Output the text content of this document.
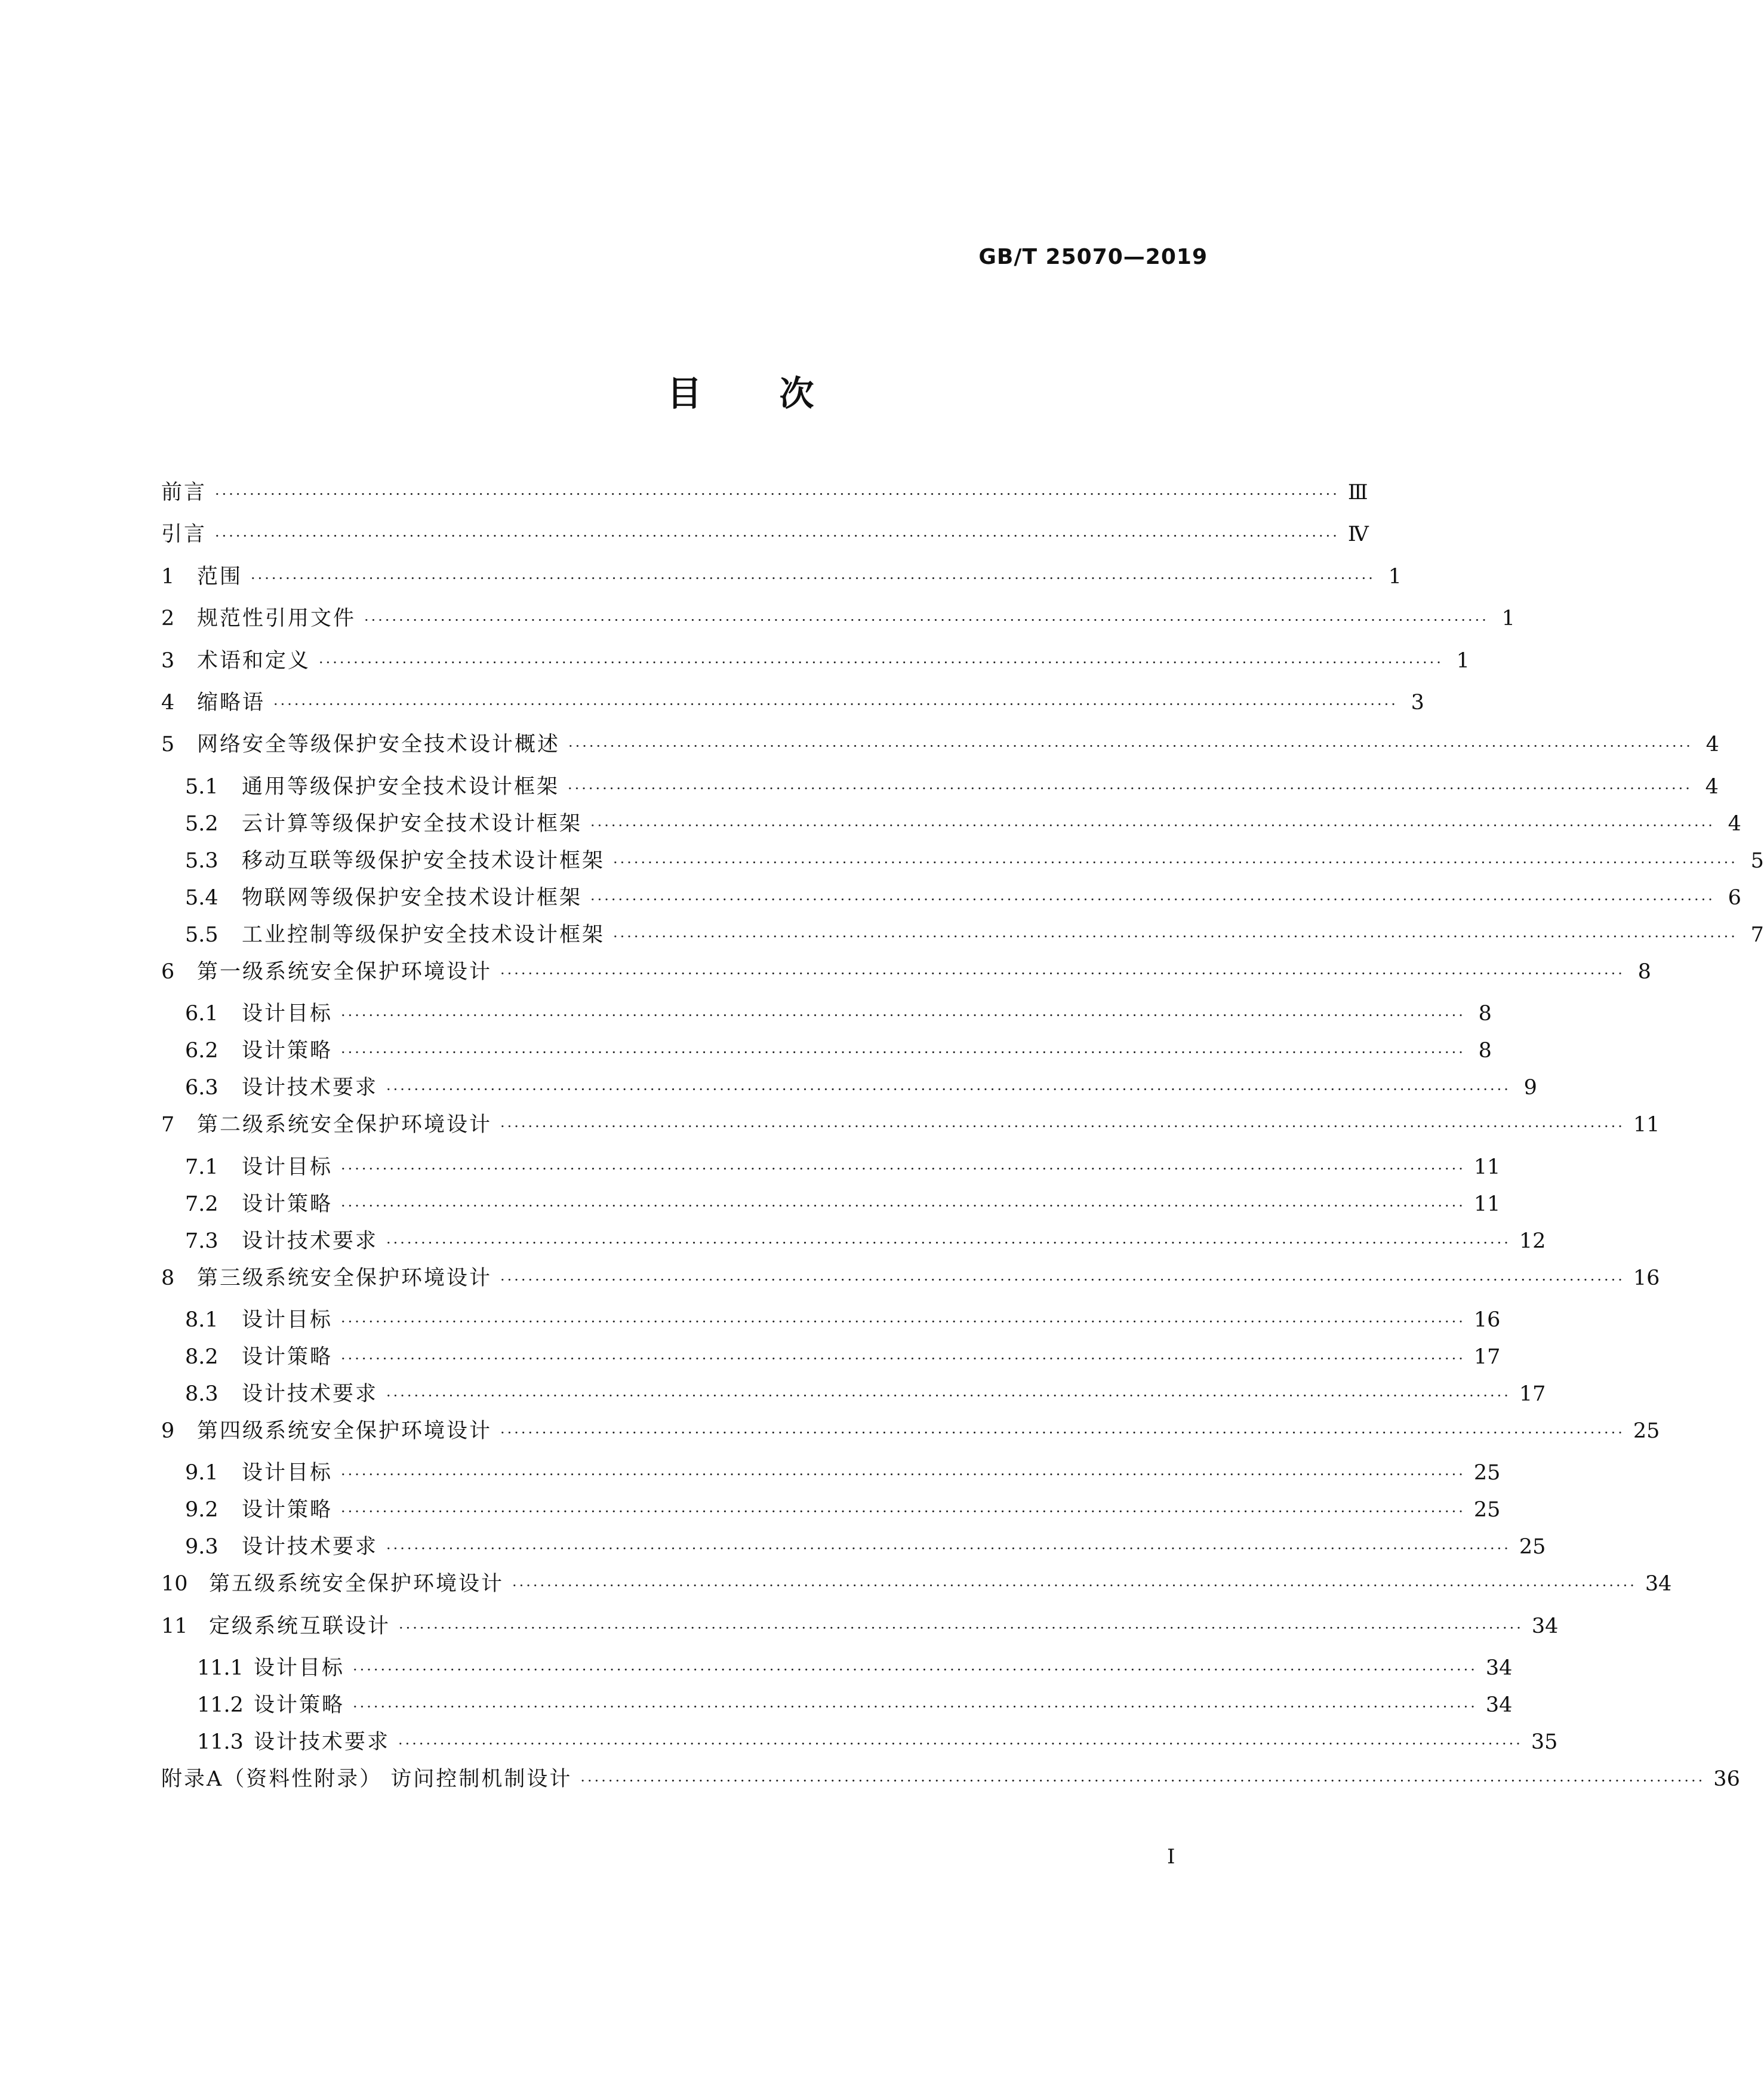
GB/T 25070—2019
目次
前言 ·································································································································································· Ⅲ
引言 ·································································································································································· Ⅳ
1	范围 ·································································································································································· 1
2	规范性引用文件 ·································································································································································· 1
3	术语和定义 ·································································································································································· 1
4	缩略语 ·································································································································································· 3
5	网络安全等级保护安全技术设计概述 ·································································································································································· 4
5.1	通用等级保护安全技术设计框架 ·································································································································································· 4
5.2	云计算等级保护安全技术设计框架 ·································································································································································· 4
5.3	移动互联等级保护安全技术设计框架 ·································································································································································· 5
5.4	物联网等级保护安全技术设计框架 ·································································································································································· 6
5.5	工业控制等级保护安全技术设计框架 ·································································································································································· 7
6	第一级系统安全保护环境设计 ·································································································································································· 8
6.1	设计目标 ·································································································································································· 8
6.2	设计策略 ·································································································································································· 8
6.3	设计技术要求 ·································································································································································· 9
7	第二级系统安全保护环境设计 ·································································································································································· 11
7.1	设计目标 ·································································································································································· 11
7.2	设计策略 ·································································································································································· 11
7.3	设计技术要求 ·································································································································································· 12
8	第三级系统安全保护环境设计 ·································································································································································· 16
8.1	设计目标 ·································································································································································· 16
8.2	设计策略 ·································································································································································· 17
8.3	设计技术要求 ·································································································································································· 17
9	第四级系统安全保护环境设计 ·································································································································································· 25
9.1	设计目标 ·································································································································································· 25
9.2	设计策略 ·································································································································································· 25
9.3	设计技术要求 ·································································································································································· 25
10	第五级系统安全保护环境设计 ·································································································································································· 34
11	定级系统互联设计 ·································································································································································· 34
11.1 设计目标 ·································································································································································· 34
11.2 设计策略 ·································································································································································· 34
11.3 设计技术要求 ·································································································································································· 35
附录A（资料性附录） 访问控制机制设计 ·································································································································································· 36
I
